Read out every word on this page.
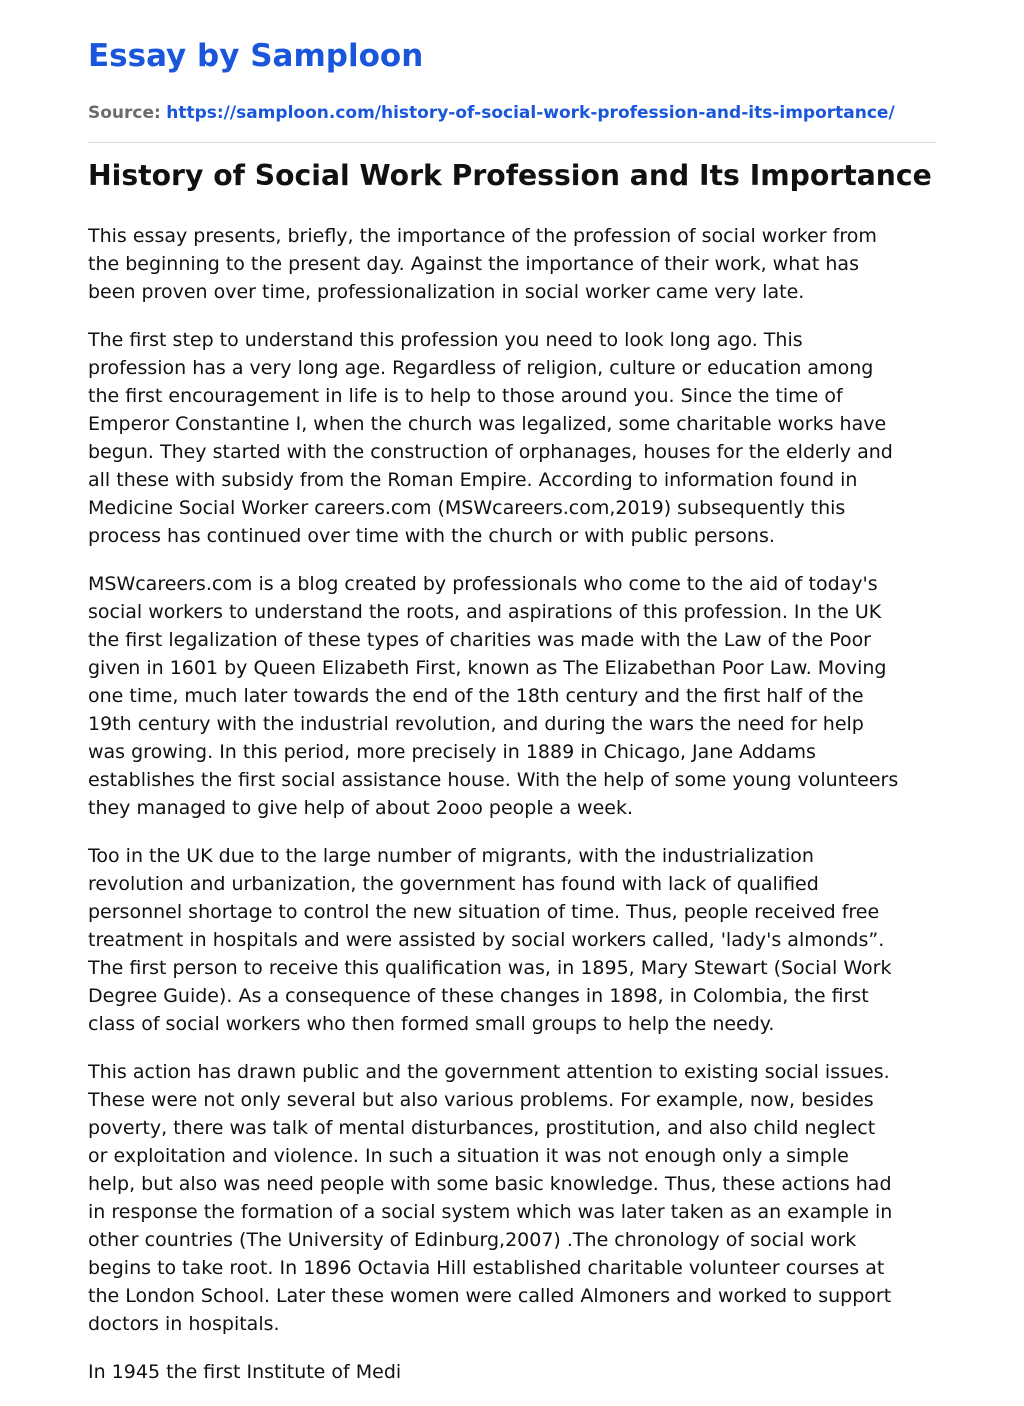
Essay by Samploon
Source: https://samploon.com/history-of-social-work-profession-and-its-importance/
History of Social Work Profession and Its Importance

This essay presents, briefly, the importance of the profession of social worker from
the beginning to the present day. Against the importance of their work, what has
been proven over time, professionalization in social worker came very late.

The first step to understand this profession you need to look long ago. This
profession has a very long age. Regardless of religion, culture or education among
the first encouragement in life is to help to those around you. Since the time of
Emperor Constantine I, when the church was legalized, some charitable works have
begun. They started with the construction of orphanages, houses for the elderly and
all these with subsidy from the Roman Empire. According to information found in
Medicine Social Worker careers.com (MSWcareers.com,2019) subsequently this
process has continued over time with the church or with public persons.

MSWcareers.com is a blog created by professionals who come to the aid of today's
social workers to understand the roots, and aspirations of this profession. In the UK
the first legalization of these types of charities was made with the Law of the Poor
given in 1601 by Queen Elizabeth First, known as The Elizabethan Poor Law. Moving
one time, much later towards the end of the 18th century and the first half of the
19th century with the industrial revolution, and during the wars the need for help
was growing. In this period, more precisely in 1889 in Chicago, Jane Addams
establishes the first social assistance house. With the help of some young volunteers
they managed to give help of about 2ooo people a week.

Too in the UK due to the large number of migrants, with the industrialization
revolution and urbanization, the government has found with lack of qualified
personnel shortage to control the new situation of time. Thus, people received free
treatment in hospitals and were assisted by social workers called, 'lady's almonds”.
The first person to receive this qualification was, in 1895, Mary Stewart (Social Work
Degree Guide). As a consequence of these changes in 1898, in Colombia, the first
class of social workers who then formed small groups to help the needy.

This action has drawn public and the government attention to existing social issues.
These were not only several but also various problems. For example, now, besides
poverty, there was talk of mental disturbances, prostitution, and also child neglect
or exploitation and violence. In such a situation it was not enough only a simple
help, but also was need people with some basic knowledge. Thus, these actions had
in response the formation of a social system which was later taken as an example in
other countries (The University of Edinburg,2007) .The chronology of social work
begins to take root. In 1896 Octavia Hill established charitable volunteer courses at
the London School. Later these women were called Almoners and worked to support
doctors in hospitals.

In 1945 the first Institute of Medi
